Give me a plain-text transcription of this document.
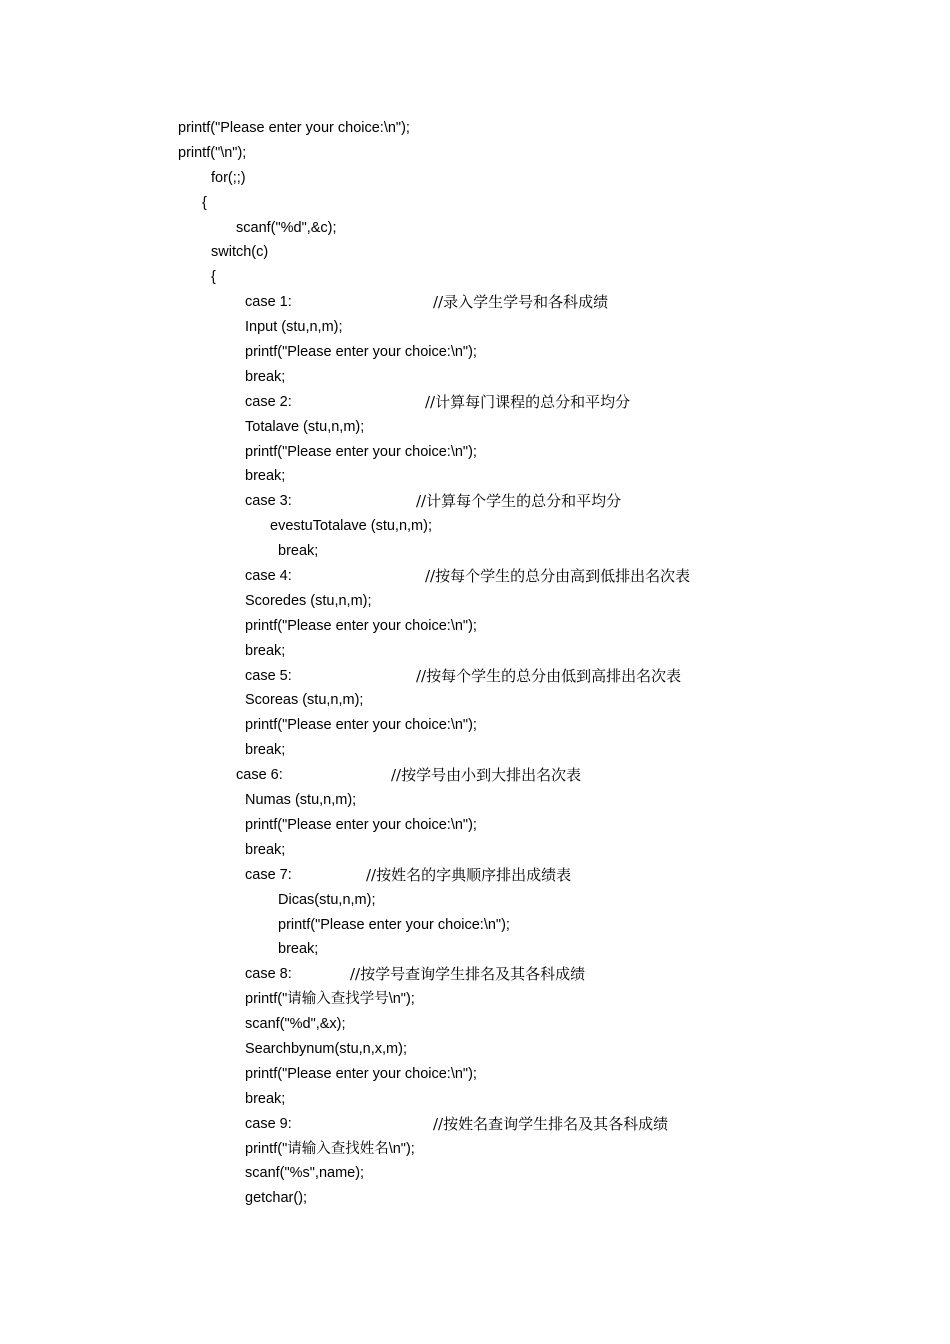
printf("Please enter your choice:\n");
printf("\n");
for(;;)
{
scanf("%d",&c);
switch(c)
{
case 1:	//录入学生学号和各科成绩
Input (stu,n,m);
printf("Please enter your choice:\n");
break;
case 2:	//计算每门课程的总分和平均分
Totalave (stu,n,m);
printf("Please enter your choice:\n");
break;
case 3:	//计算每个学生的总分和平均分
evestuTotalave (stu,n,m);
break;
case 4:	//按每个学生的总分由高到低排出名次表
Scoredes (stu,n,m);
printf("Please enter your choice:\n");
break;
case 5:	//按每个学生的总分由低到高排出名次表
Scoreas (stu,n,m);
printf("Please enter your choice:\n");
break;
case 6:	//按学号由小到大排出名次表
Numas (stu,n,m);
printf("Please enter your choice:\n");
break;
case 7:	//按姓名的字典顺序排出成绩表
Dicas(stu,n,m);
printf("Please enter your choice:\n");
break;
case 8:	//按学号查询学生排名及其各科成绩
printf("请输入查找学号\n");
scanf("%d",&x);
Searchbynum(stu,n,x,m);
printf("Please enter your choice:\n");
break;
case 9:	//按姓名查询学生排名及其各科成绩
printf("请输入查找姓名\n");
scanf("%s",name);
getchar();
